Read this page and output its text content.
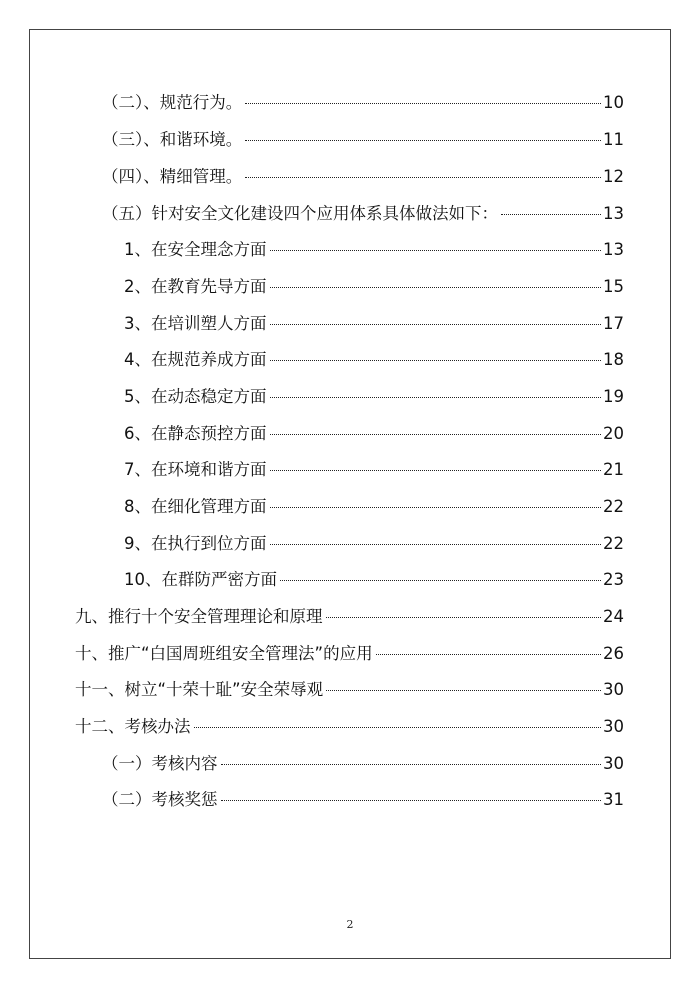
（二）、规范行为。	10
（三）、和谐环境。	11
（四）、精细管理。	12
（五）针对安全文化建设四个应用体系具体做法如下：	13
1、在安全理念方面	13
2、在教育先导方面	15
3、在培训塑人方面	17
4、在规范养成方面	18
5、在动态稳定方面	19
6、在静态预控方面	20
7、在环境和谐方面	21
8、在细化管理方面	22
9、在执行到位方面	22
10、在群防严密方面	23
九、推行十个安全管理理论和原理	24
十、推广“白国周班组安全管理法”的应用	26
十一、树立“十荣十耻”安全荣辱观	30
十二、考核办法	30
（一）考核内容	30
（二）考核奖惩	31
2
